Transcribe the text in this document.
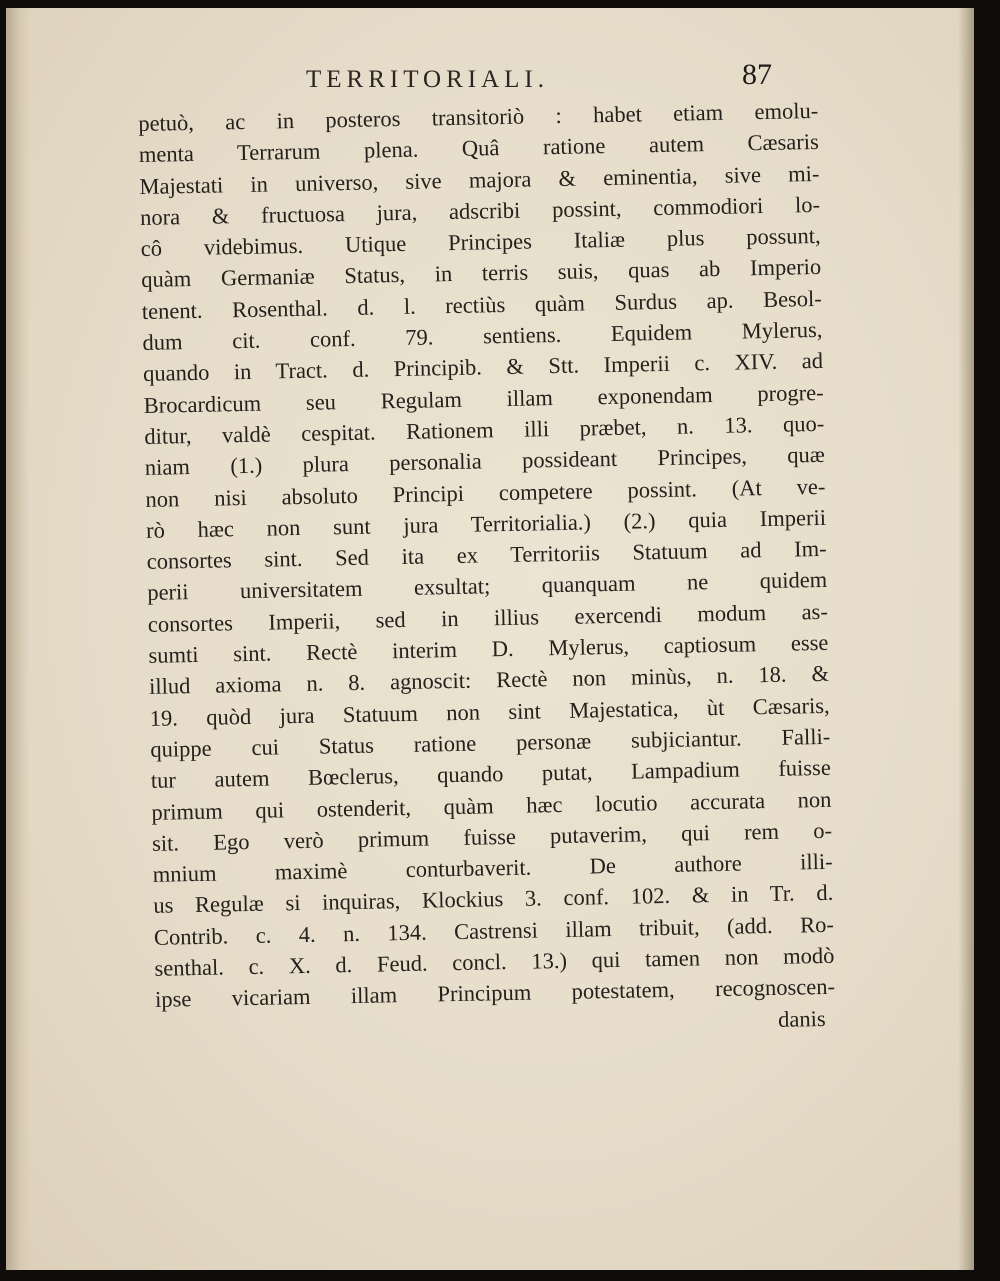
TERRITORIALI.	87
petuò, ac in posteros transitoriò : habet etiam emolu-
menta Terrarum plena. Quâ ratione autem Cæsaris
Majestati in universo, sive majora & eminentia, sive mi-
nora & fructuosa jura, adscribi possint, commodiori lo-
cô videbimus. Utique Principes Italiæ plus possunt,
quàm Germaniæ Status, in terris suis, quas ab Imperio
tenent. Rosenthal. d. l. rectiùs quàm Surdus ap. Besol-
dum cit. conf. 79. sentiens. Equidem Mylerus,
quando in Tract. d. Principib. & Stt. Imperii c. XIV. ad
Brocardicum seu Regulam illam exponendam progre-
ditur, valdè cespitat. Rationem illi præbet, n. 13. quo-
niam (1.) plura personalia possideant Principes, quæ
non nisi absoluto Principi competere possint. (At ve-
rò hæc non sunt jura Territorialia.) (2.) quia Imperii
consortes sint. Sed ita ex Territoriis Statuum ad Im-
perii universitatem exsultat; quanquam ne quidem
consortes Imperii, sed in illius exercendi modum as-
sumti sint. Rectè interim D. Mylerus, captiosum esse
illud axioma n. 8. agnoscit: Rectè non minùs, n. 18. &
19. quòd jura Statuum non sint Majestatica, ùt Cæsaris,
quippe cui Status ratione personæ subjiciantur. Falli-
tur autem Bœclerus, quando putat, Lampadium fuisse
primum qui ostenderit, quàm hæc locutio accurata non
sit. Ego verò primum fuisse putaverim, qui rem o-
mnium maximè conturbaverit. De authore illi-
us Regulæ si inquiras, Klockius 3. conf. 102. & in Tr. d.
Contrib. c. 4. n. 134. Castrensi illam tribuit, (add. Ro-
senthal. c. X. d. Feud. concl. 13.) qui tamen non modò
ipse vicariam illam Principum potestatem, recognoscen-
danis
